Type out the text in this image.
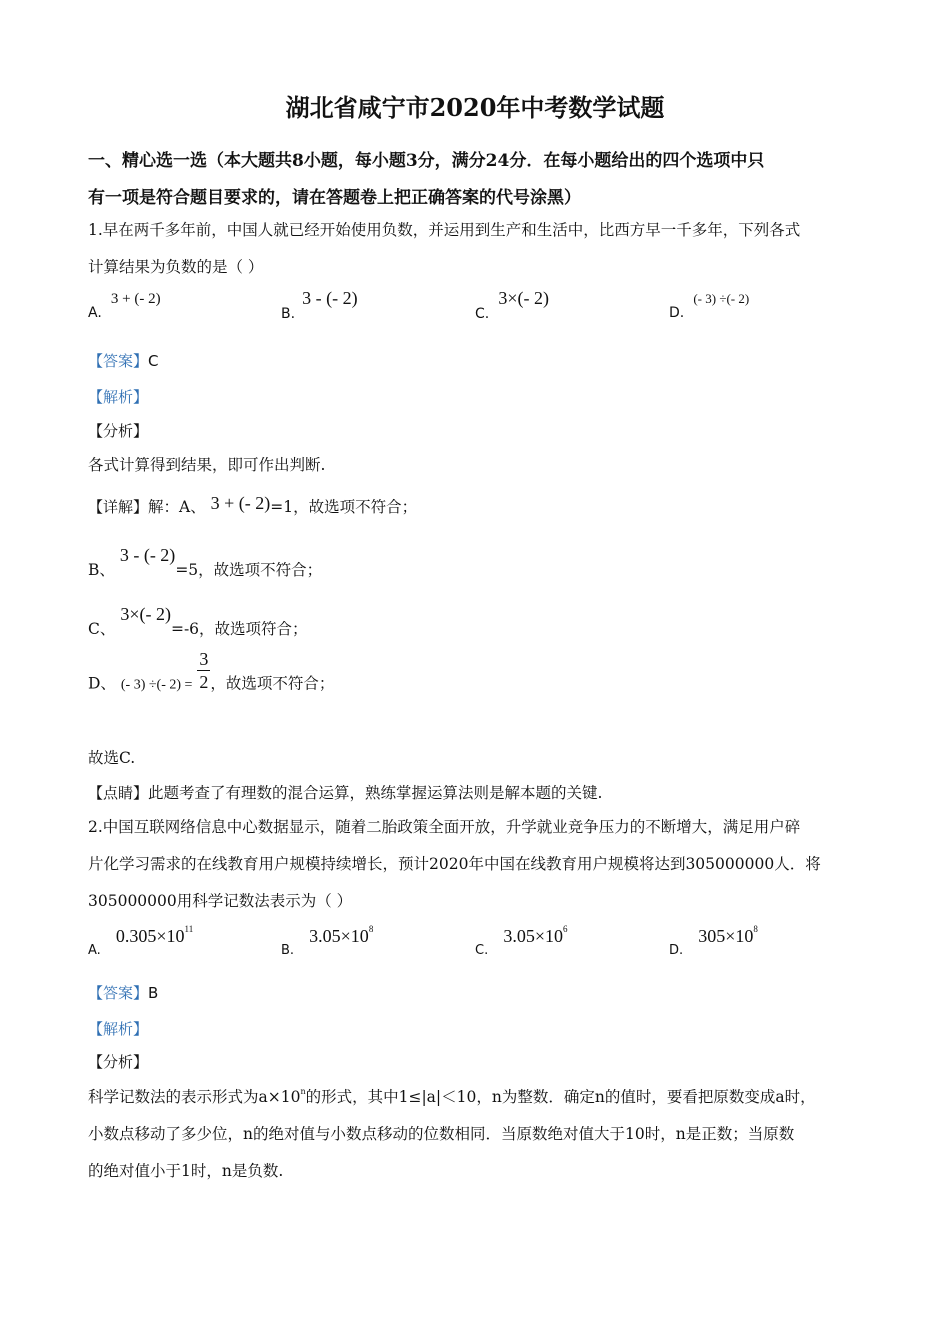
湖北省咸宁市2020年中考数学试题
一、精心选一选（本大题共8小题，每小题3分，满分24分．在每小题给出的四个选项中只
有一项是符合题目要求的，请在答题卷上把正确答案的代号涂黑）
1.早在两千多年前，中国人就已经开始使用负数，并运用到生产和生活中，比西方早一千多年，下列各式
计算结果为负数的是（ ）
A. 3 + (- 2)
B. 3 - (- 2)
C. 3×(- 2)
D. (- 3) ÷(- 2)
【答案】C
【解析】
【分析】
各式计算得到结果，即可作出判断.
【详解】解：A、 3 + (- 2)=1，故选项不符合；
B、 3 - (- 2)=5，故选项不符合；
C、 3×(- 2)=-6，故选项符合；
D、 (- 3) ÷(- $2) = \frac{3}{2}$ ，故选项不符合；
故选C.
【点睛】此题考查了有理数的混合运算，熟练掌握运算法则是解本题的关键.
2.中国互联网络信息中心数据显示，随着二胎政策全面开放，升学就业竞争压力的不断增大，满足用户碎
片化学习需求的在线教育用户规模持续增长，预计2020年中国在线教育用户规模将达到305000000人．将
305000000用科学记数法表示为（ ）
$_{A.}$ $0.305\times 10^{11}$
$_{B.}$ $3.05\times 10^8$
$_{C.}$ $3.05\times 10^6$
$_{D.}$ $305\times 10^8$
【答案】B
【解析】
【分析】
科学记数法的表示形式为$a\times 10^n$的形式，其中1≤|a|＜10，n为整数．确定n的值时，要看把原数变成a时，
小数点移动了多少位，n的绝对值与小数点移动的位数相同．当原数绝对值大于10时，n是正数；当原数
的绝对值小于1时，n是负数.
